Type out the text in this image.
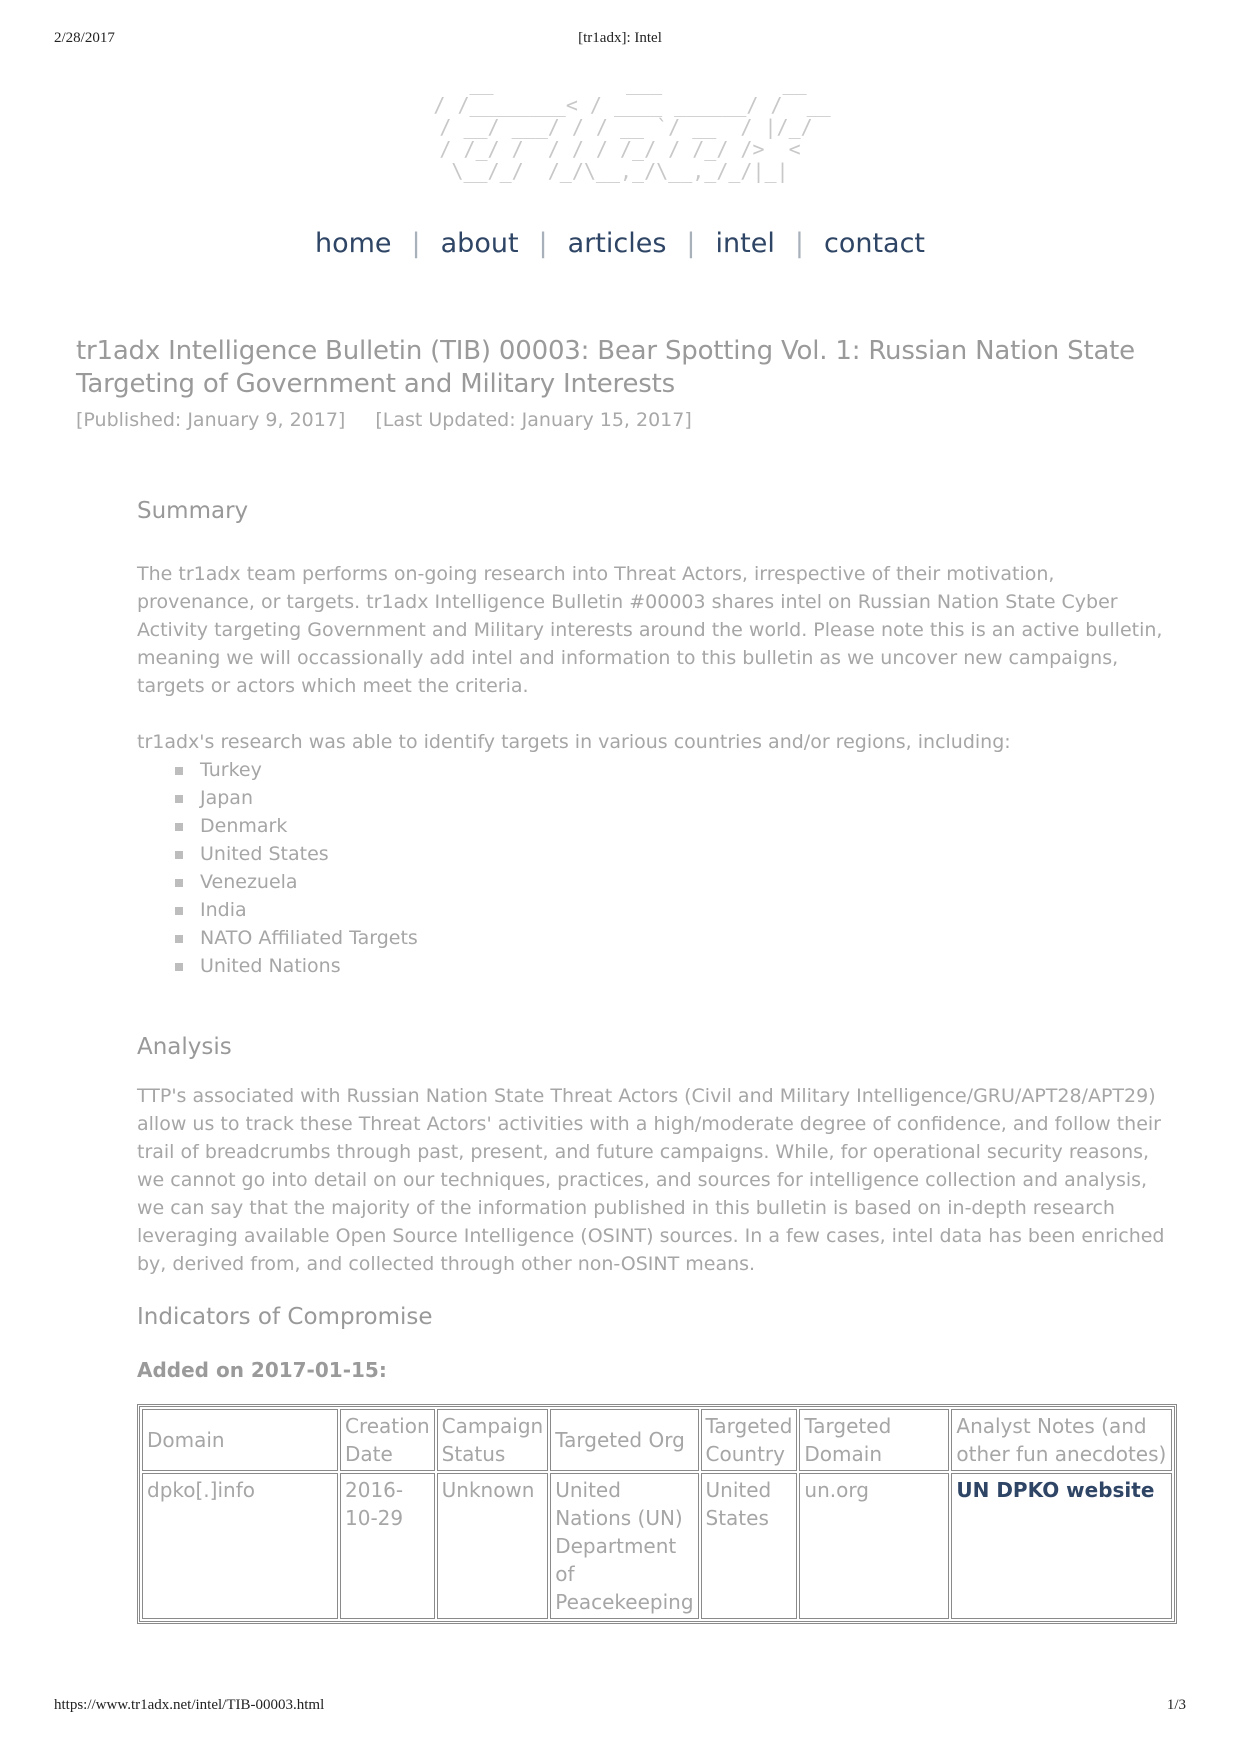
2/28/2017	[tr1adx]: Intel
__           ___          __
/ /________< / ____ ______/ /  __
/ __/ ___/ / / __ `/ __  / |/_/
/ /_/ /  / / / /_/ / /_/ />  <
\__/_/  /_/\__,_/\__,_/_/|_|
home | about | articles | intel | contact
tr1adx Intelligence Bulletin (TIB) 00003: Bear Spotting Vol. 1: Russian Nation State Targeting of Government and Military Interests
[Published: January 9, 2017] [Last Updated: January 15, 2017]
Summary

The tr1adx team performs on-going research into Threat Actors, irrespective of their motivation, provenance, or targets. tr1adx Intelligence Bulletin #00003 shares intel on Russian Nation State Cyber Activity targeting Government and Military interests around the world. Please note this is an active bulletin, meaning we will occassionally add intel and information to this bulletin as we uncover new campaigns, targets or actors which meet the criteria.

tr1adx's research was able to identify targets in various countries and/or regions, including:

Turkey
Japan
Denmark
United States
Venezuela
India
NATO Affiliated Targets
United Nations
Analysis

TTP's associated with Russian Nation State Threat Actors (Civil and Military Intelligence/GRU/APT28/APT29) allow us to track these Threat Actors' activities with a high/moderate degree of confidence, and follow their trail of breadcrumbs through past, present, and future campaigns. While, for operational security reasons, we cannot go into detail on our techniques, practices, and sources for intelligence collection and analysis, we can say that the majority of the information published in this bulletin is based on in-depth research leveraging available Open Source Intelligence (OSINT) sources. In a few cases, intel data has been enriched by, derived from, and collected through other non-OSINT means.

Indicators of Compromise
Added on 2017-01-15:
Domain	Creation Date	Campaign Status	Targeted Org	Targeted Country	Targeted Domain	Analyst Notes (and other fun anecdotes)
dpko[.]info	2016-10-29	Unknown	United Nations (UN) Department of Peacekeeping	United States	un.org	UN DPKO website
https://www.tr1adx.net/intel/TIB-00003.html	1/3
